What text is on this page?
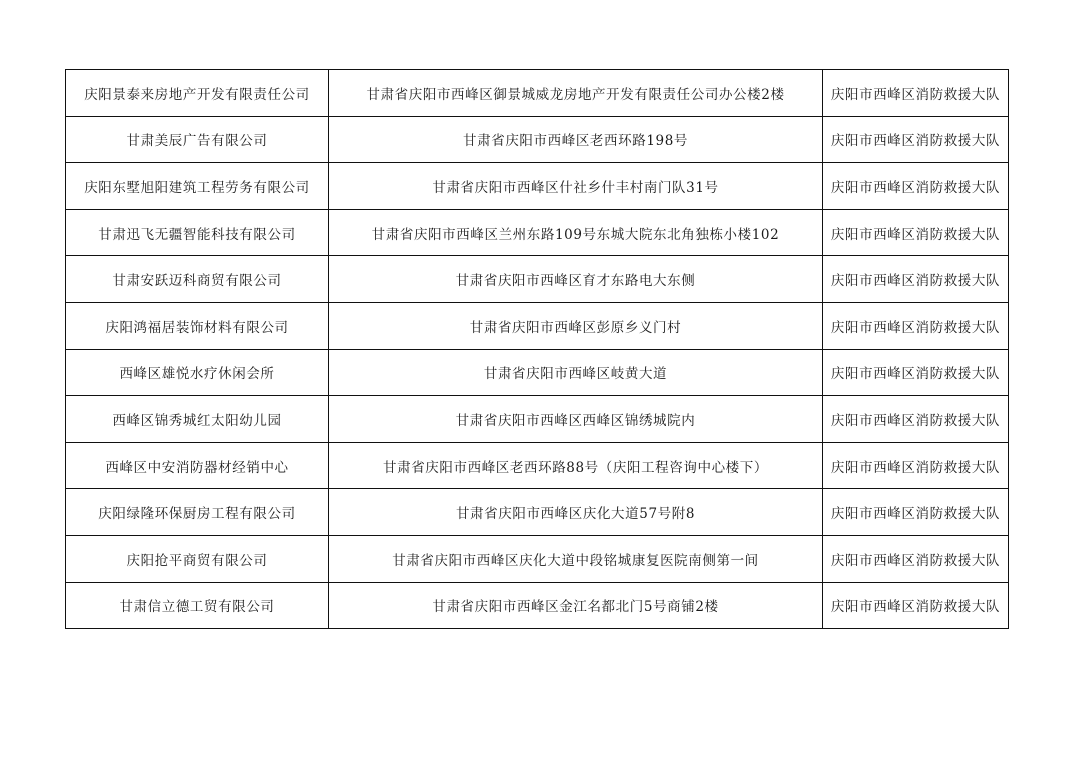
庆阳景泰来房地产开发有限责任公司	甘肃省庆阳市西峰区御景城威龙房地产开发有限责任公司办公楼2楼	庆阳市西峰区消防救援大队
甘肃美辰广告有限公司	甘肃省庆阳市西峰区老西环路198号	庆阳市西峰区消防救援大队
庆阳东墅旭阳建筑工程劳务有限公司	甘肃省庆阳市西峰区什社乡什丰村南门队31号	庆阳市西峰区消防救援大队
甘肃迅飞无疆智能科技有限公司	甘肃省庆阳市西峰区兰州东路109号东城大院东北角独栋小楼102	庆阳市西峰区消防救援大队
甘肃安跃迈科商贸有限公司	甘肃省庆阳市西峰区育才东路电大东侧	庆阳市西峰区消防救援大队
庆阳鸿福居装饰材料有限公司	甘肃省庆阳市西峰区彭原乡义门村	庆阳市西峰区消防救援大队
西峰区雄悦水疗休闲会所	甘肃省庆阳市西峰区岐黄大道	庆阳市西峰区消防救援大队
西峰区锦秀城红太阳幼儿园	甘肃省庆阳市西峰区西峰区锦绣城院内	庆阳市西峰区消防救援大队
西峰区中安消防器材经销中心	甘肃省庆阳市西峰区老西环路88号（庆阳工程咨询中心楼下）	庆阳市西峰区消防救援大队
庆阳绿隆环保厨房工程有限公司	甘肃省庆阳市西峰区庆化大道57号附8	庆阳市西峰区消防救援大队
庆阳抢平商贸有限公司	甘肃省庆阳市西峰区庆化大道中段铭城康复医院南侧第一间	庆阳市西峰区消防救援大队
甘肃信立德工贸有限公司	甘肃省庆阳市西峰区金江名都北门5号商铺2楼	庆阳市西峰区消防救援大队
